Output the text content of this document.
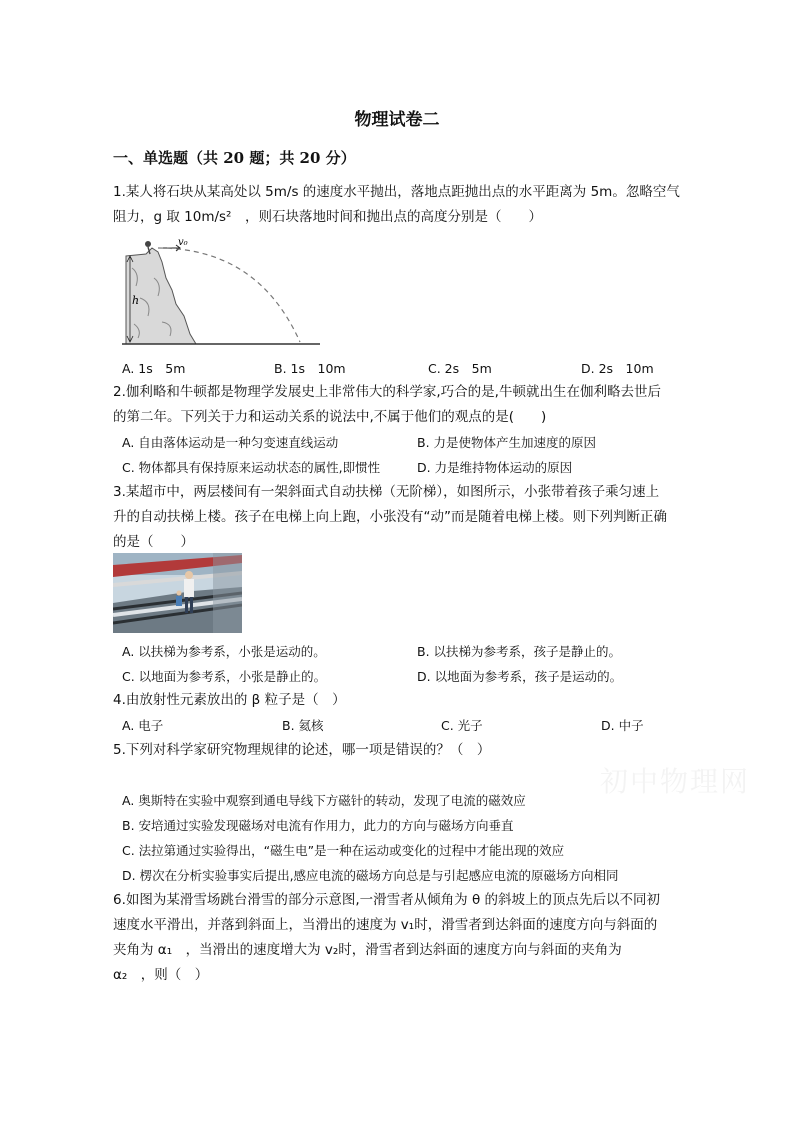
物理试卷二
一、单选题（共 20 题；共 20 分）
1.某人将石块从某高处以 5m/s 的速度水平抛出，落地点距抛出点的水平距离为 5m。忽略空气
阻力，g 取 10m/s²　，则石块落地时间和抛出点的高度分别是（　　）
h
v₀
A. 1s　5m	B. 1s　10m	C. 2s　5m	D. 2s　10m
2.伽利略和牛顿都是物理学发展史上非常伟大的科学家,巧合的是,牛顿就出生在伽利略去世后
的第二年。下列关于力和运动关系的说法中,不属于他们的观点的是(　　)
A. 自由落体运动是一种匀变速直线运动	B. 力是使物体产生加速度的原因
C. 物体都具有保持原来运动状态的属性,即惯性	D. 力是维持物体运动的原因
3.某超市中，两层楼间有一架斜面式自动扶梯（无阶梯），如图所示，小张带着孩子乘匀速上
升的自动扶梯上楼。孩子在电梯上向上跑，小张没有“动”而是随着电梯上楼。则下列判断正确
的是（　　）
A. 以扶梯为参考系，小张是运动的。	B. 以扶梯为参考系，孩子是静止的。
C. 以地面为参考系，小张是静止的。	D. 以地面为参考系，孩子是运动的。
4.由放射性元素放出的 β 粒子是（　）
A. 电子	B. 氦核	C. 光子	D. 中子
5.下列对科学家研究物理规律的论述，哪一项是错误的？（　）
初中物理网
A. 奥斯特在实验中观察到通电导线下方磁针的转动，发现了电流的磁效应
B. 安培通过实验发现磁场对电流有作用力，此力的方向与磁场方向垂直
C. 法拉第通过实验得出，“磁生电”是一种在运动或变化的过程中才能出现的效应
D. 楞次在分析实验事实后提出,感应电流的磁场方向总是与引起感应电流的原磁场方向相同
6.如图为某滑雪场跳台滑雪的部分示意图,一滑雪者从倾角为 θ 的斜坡上的顶点先后以不同初
速度水平滑出，并落到斜面上，当滑出的速度为 v₁时，滑雪者到达斜面的速度方向与斜面的
夹角为 α₁　，当滑出的速度增大为 v₂时，滑雪者到达斜面的速度方向与斜面的夹角为
α₂　，则（　）
